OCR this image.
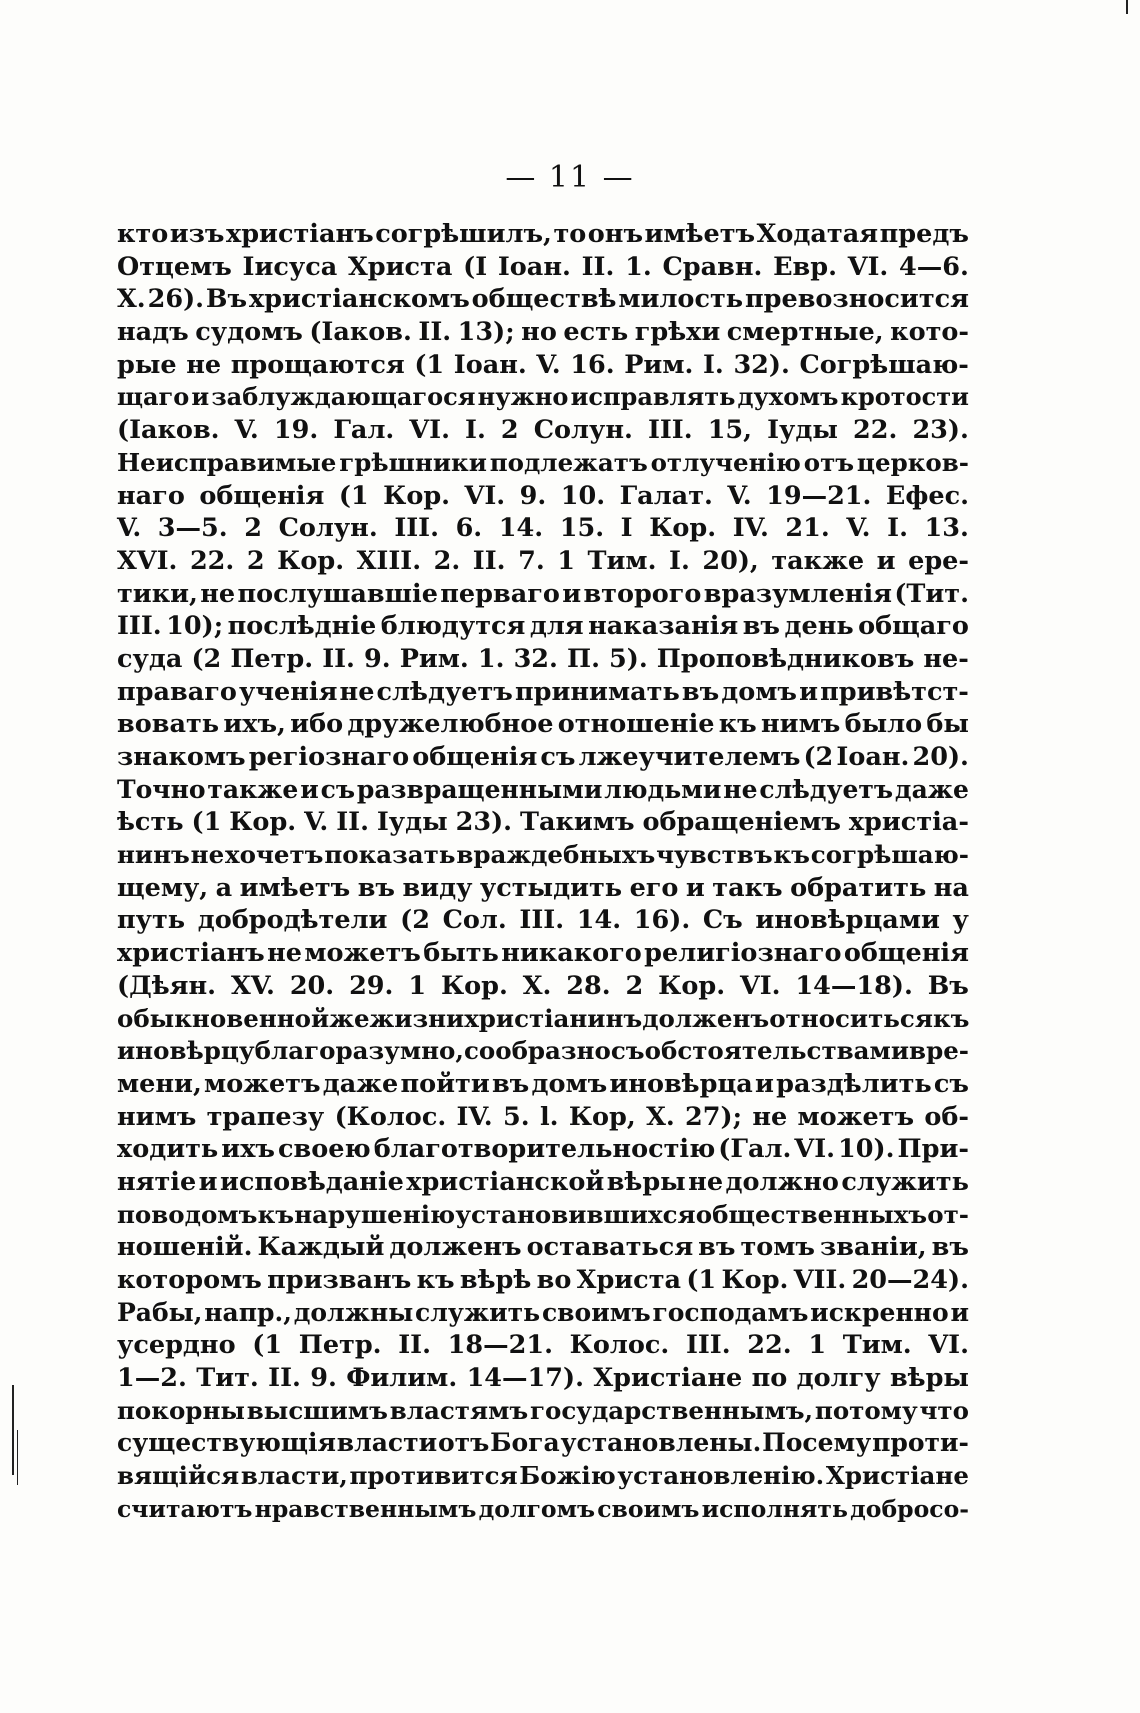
— 11 —
кто изъ христіанъ согрѣшилъ, то онъ имѣетъ Ходатая предъ
Отцемъ Іисуса Христа (І Іоан. ІІ. 1. Сравн. Евр. VI. 4—6.
X. 26). Въ христіанскомъ обществѣ милость превозносится
надъ судомъ (Іаков. ІІ. 13); но есть грѣхи смертные, кото-
рые не прощаются (1 Іоан. V. 16. Рим. І. 32). Согрѣшаю-
щаго и заблуждающагося нужно исправлять духомъ кротости
(Іаков. V. 19. Гал. VI. І. 2 Солун. ІІІ. 15, Іуды 22. 23).
Неисправимые грѣшники подлежатъ отлученію отъ церков-
наго общенія (1 Кор. VI. 9. 10. Галат. V. 19—21. Ефес.
V. 3—5. 2 Солун. ІІІ. 6. 14. 15. І Кор. IV. 21. V. І. 13.
XVI. 22. 2 Кор. XIII. 2. ІІ. 7. 1 Тим. І. 20), также и ере-
тики, не послушавшіе перваго и второго вразумленія (Тит.
ІІІ. 10); послѣдніе блюдутся для наказанія въ день общаго
суда (2 Петр. ІІ. 9. Рим. 1. 32. П. 5). Проповѣдниковъ не-
праваго ученія не слѣдуетъ принимать въ домъ и привѣтст-
вовать ихъ, ибо дружелюбное отношеніе къ нимъ было бы
знакомъ регіознаго общенія съ лжеучителемъ (2 Іоан. 20).
Точно также и съ развращенными людьми не слѣдуетъ даже
ѣсть (1 Кор. V. ІІ. Іуды 23). Такимъ обращеніемъ христіа-
нинъ не хочетъ показать враждебныхъ чувствъ къ согрѣшаю-
щему, а имѣетъ въ виду устыдить его и такъ обратить на
путь добродѣтели (2 Сол. ІІІ. 14. 16). Съ иновѣрцами у
христіанъ не можетъ быть никакого религіознаго общенія
(Дѣян. XV. 20. 29. 1 Кор. X. 28. 2 Кор. VI. 14—18). Въ
обыкновенной же жизни христіанинъ долженъ относиться къ
иновѣрцу благоразумно, сообразно съ обстоятельствами вре-
мени, можетъ даже пойти въ домъ иновѣрца и раздѣлить съ
нимъ трапезу (Колос. IV. 5. l. Кор, X. 27); не можетъ об-
ходить ихъ своею благотворительностію (Гал. VI. 10). При-
нятіе и исповѣданіе христіанской вѣры не должно служить
поводомъ къ нарушенію установившихся общественныхъ от-
ношеній. Каждый долженъ оставаться въ томъ званіи, въ
которомъ призванъ къ вѣрѣ во Христа (1 Кор. VII. 20—24).
Рабы, напр., должны служить своимъ господамъ искренно и
усердно (1 Петр. ІІ. 18—21. Колос. ІІІ. 22. 1 Тим. VI.
1—2. Тит. ІІ. 9. Филим. 14—17). Христіане по долгу вѣры
покорны высшимъ властямъ государственнымъ, потому что
существующія власти отъ Бога установлены. Посему проти-
вящійся власти, противится Божію установленію. Христіане
считаютъ нравственнымъ долгомъ своимъ исполнять добросо-
